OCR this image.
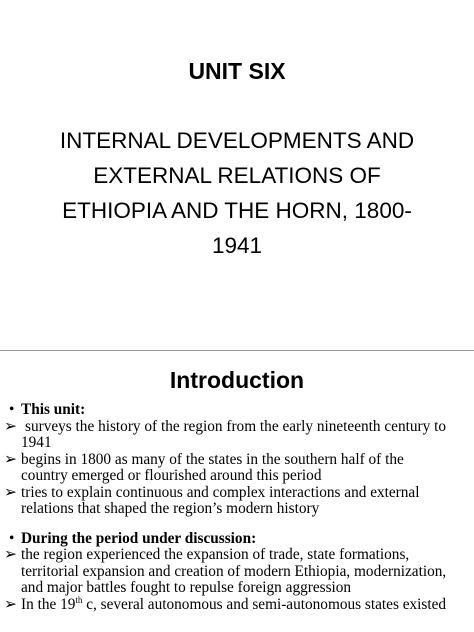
UNIT SIX
INTERNAL DEVELOPMENTS AND
EXTERNAL RELATIONS OF
ETHIOPIA AND THE HORN, 1800-
1941
Introduction
• This unit:
➢ surveys the history of the region from the early nineteenth century to
1941
➢ begins in 1800 as many of the states in the southern half of the
country emerged or flourished around this period
➢ tries to explain continuous and complex interactions and external
relations that shaped the region’s modern history
• During the period under discussion:
➢ the region experienced the expansion of trade, state formations,
territorial expansion and creation of modern Ethiopia, modernization,
and major battles fought to repulse foreign aggression
➢ In the 19th c, several autonomous and semi-autonomous states existed
